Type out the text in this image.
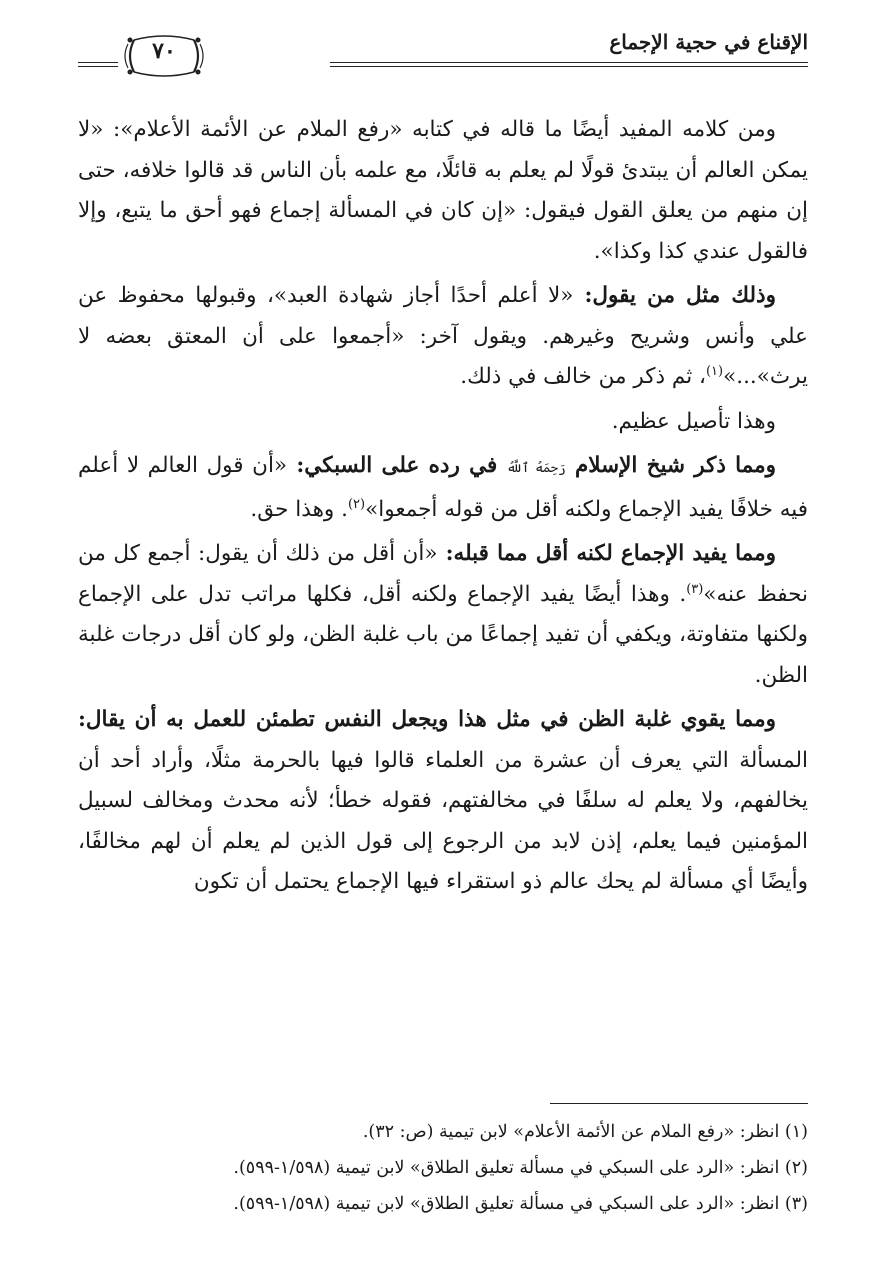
الإقناع في حجية الإجماع
٧٠

ومن كلامه المفيد أيضًا ما قاله في كتابه «رفع الملام عن الأئمة الأعلام»: «لا يمكن العالم أن يبتدئ قولًا لم يعلم به قائلًا، مع علمه بأن الناس قد قالوا خلافه، حتى إن منهم من يعلق القول فيقول: «إن كان في المسألة إجماع فهو أحق ما يتبع، وإلا فالقول عندي كذا وكذا».

وذلك مثل من يقول: «لا أعلم أحدًا أجاز شهادة العبد»، وقبولها محفوظ عن علي وأنس وشريح وغيرهم. ويقول آخر: «أجمعوا على أن المعتق بعضه لا يرث»...»$^{(١)}$، ثم ذكر من خالف في ذلك.

وهذا تأصيل عظيم.

ومما ذكر شيخ الإسلام رَحِمَهُ ٱللَّهُ في رده على السبكي: «أن قول العالم لا أعلم فيه خلافًا يفيد الإجماع ولكنه أقل من قوله أجمعوا»$^{(٢)}$. وهذا حق.

ومما يفيد الإجماع لكنه أقل مما قبله: «أن أقل من ذلك أن يقول: أجمع كل من نحفظ عنه»$^{(٣)}$. وهذا أيضًا يفيد الإجماع ولكنه أقل، فكلها مراتب تدل على الإجماع ولكنها متفاوتة، ويكفي أن تفيد إجماعًا من باب غلبة الظن، ولو كان أقل درجات غلبة الظن.

ومما يقوي غلبة الظن في مثل هذا ويجعل النفس تطمئن للعمل به أن يقال: المسألة التي يعرف أن عشرة من العلماء قالوا فيها بالحرمة مثلًا، وأراد أحد أن يخالفهم، ولا يعلم له سلفًا في مخالفتهم، فقوله خطأ؛ لأنه محدث ومخالف لسبيل المؤمنين فيما يعلم، إذن لابد من الرجوع إلى قول الذين لم يعلم أن لهم مخالفًا، وأيضًا أي مسألة لم يحك عالم ذو استقراء فيها الإجماع يحتمل أن تكون

(١) انظر: «رفع الملام عن الأئمة الأعلام» لابن تيمية (ص: ٣٢).
(٢) انظر: «الرد على السبكي في مسألة تعليق الطلاق» لابن تيمية (١/٥٩٨-٥٩٩).
(٣) انظر: «الرد على السبكي في مسألة تعليق الطلاق» لابن تيمية (١/٥٩٨-٥٩٩).
